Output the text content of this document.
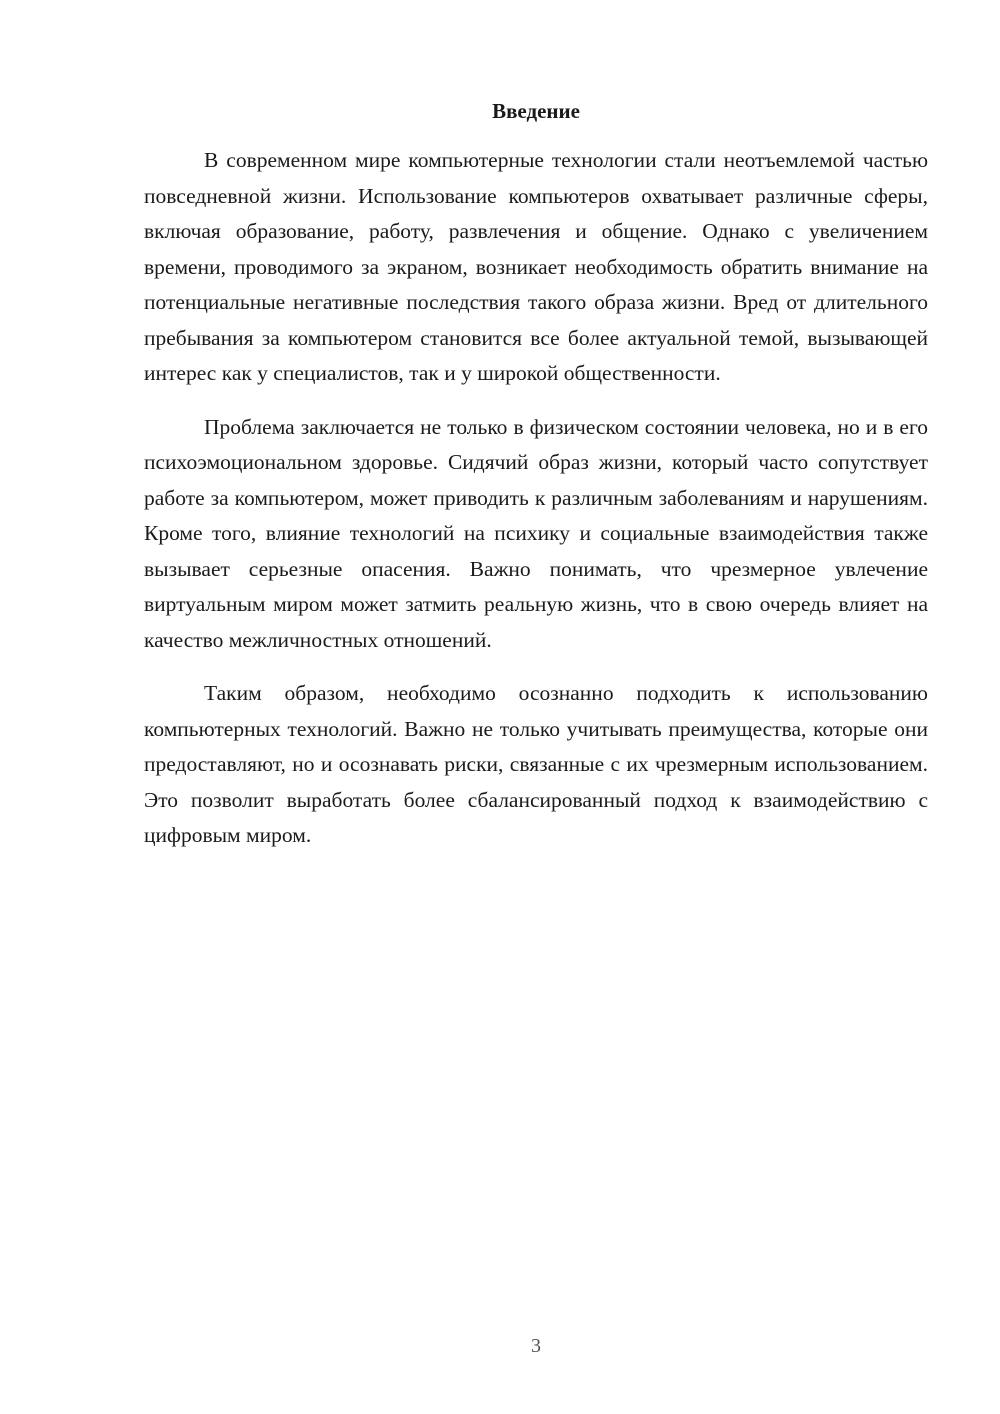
Введение

В современном мире компьютерные технологии стали неотъемлемой частью повседневной жизни. Использование компьютеров охватывает различные сферы, включая образование, работу, развлечения и общение. Однако с увеличением времени, проводимого за экраном, возникает необходимость обратить внимание на потенциальные негативные последствия такого образа жизни. Вред от длительного пребывания за компьютером становится все более актуальной темой, вызывающей интерес как у специалистов, так и у широкой общественности.

Проблема заключается не только в физическом состоянии человека, но и в его психоэмоциональном здоровье. Сидячий образ жизни, который часто сопутствует работе за компьютером, может приводить к различным заболеваниям и нарушениям. Кроме того, влияние технологий на психику и социальные взаимодействия также вызывает серьезные опасения. Важно понимать, что чрезмерное увлечение виртуальным миром может затмить реальную жизнь, что в свою очередь влияет на качество межличностных отношений.

Таким образом, необходимо осознанно подходить к использованию компьютерных технологий. Важно не только учитывать преимущества, которые они предоставляют, но и осознавать риски, связанные с их чрезмерным использованием. Это позволит выработать более сбалансированный подход к взаимодействию с цифровым миром.

3
